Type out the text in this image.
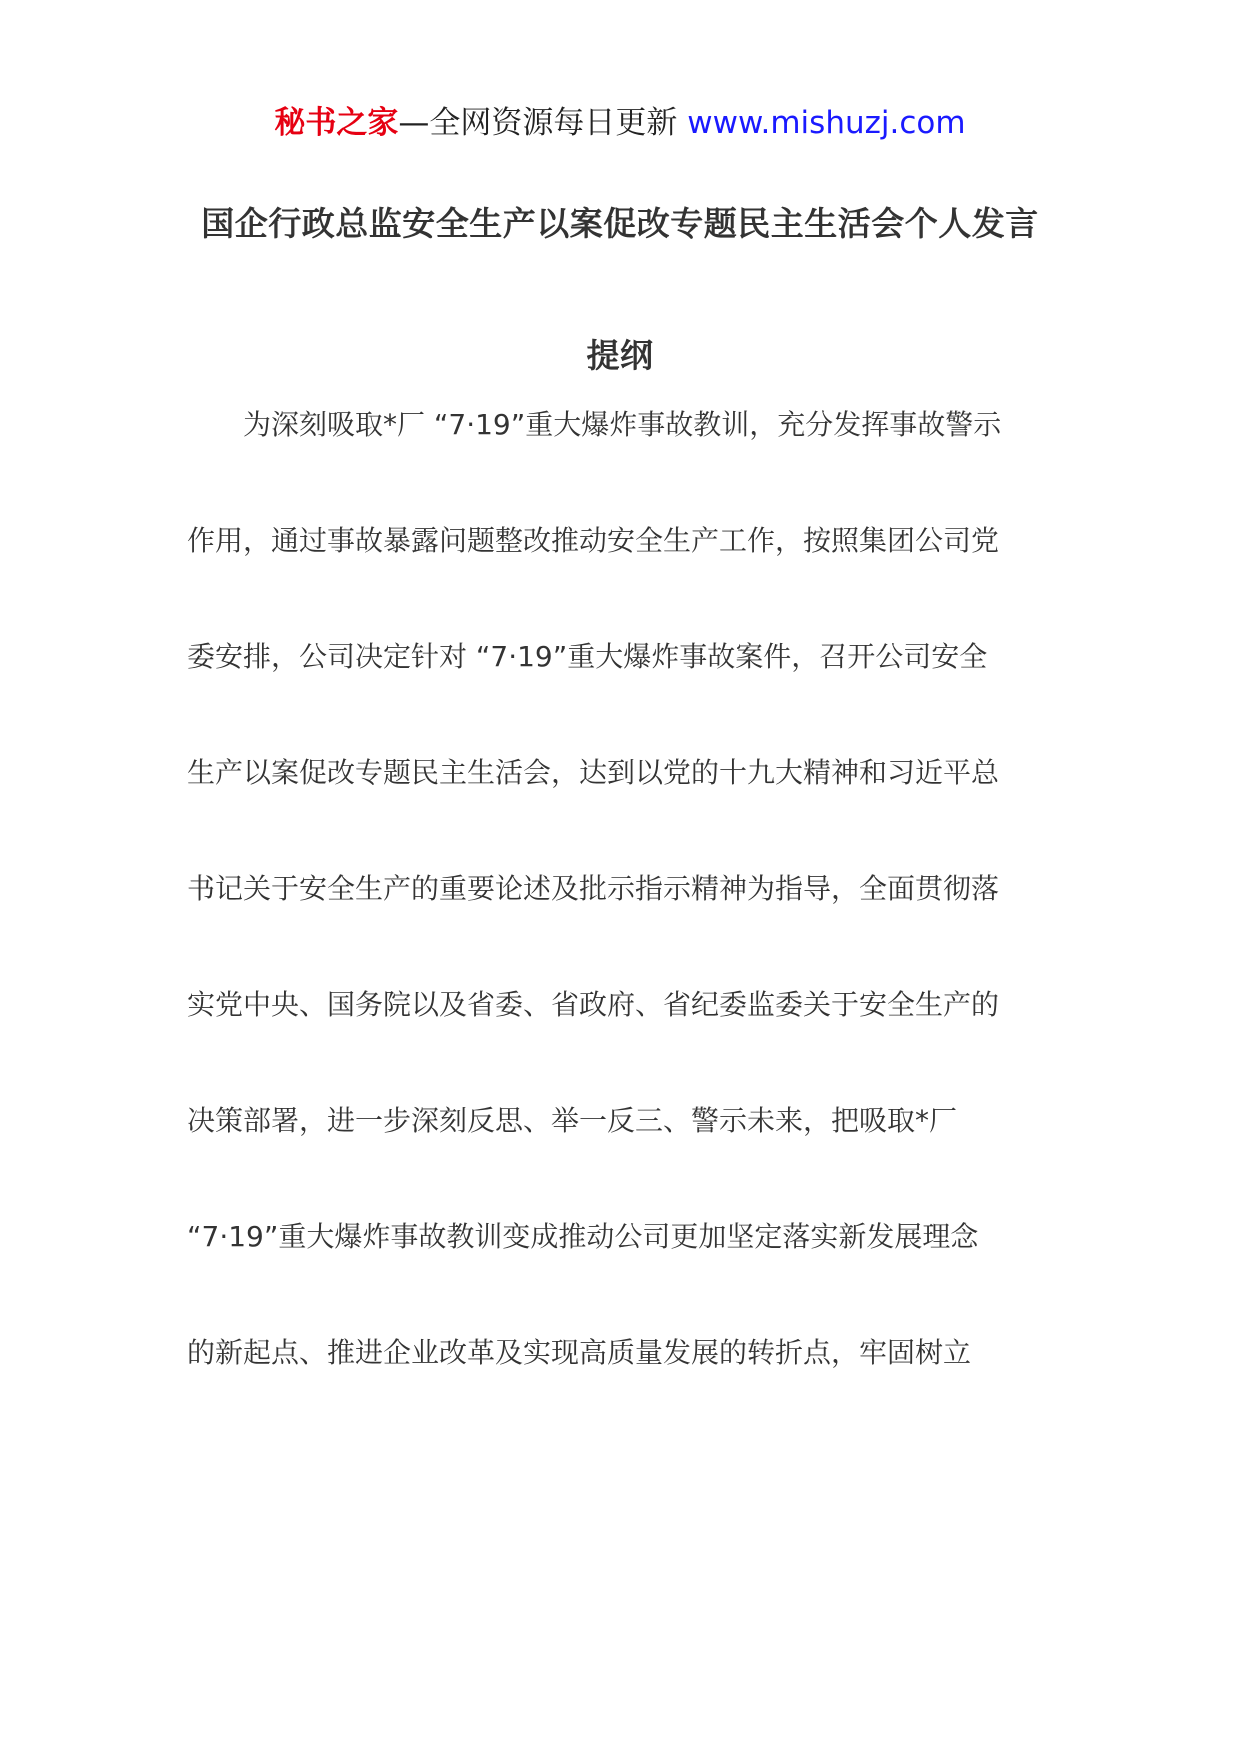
秘书之家—全网资源每日更新 www.mishuzj.com
国企行政总监安全生产以案促改专题民主生活会个人发言
提纲
　　为深刻吸取*厂 “7·19”重大爆炸事故教训，充分发挥事故警示
作用，通过事故暴露问题整改推动安全生产工作，按照集团公司党
委安排，公司决定针对 “7·19”重大爆炸事故案件，召开公司安全
生产以案促改专题民主生活会，达到以党的十九大精神和习近平总
书记关于安全生产的重要论述及批示指示精神为指导，全面贯彻落
实党中央、国务院以及省委、省政府、省纪委监委关于安全生产的
决策部署，进一步深刻反思、举一反三、警示未来，把吸取*厂
“7·19”重大爆炸事故教训变成推动公司更加坚定落实新发展理念
的新起点、推进企业改革及实现高质量发展的转折点，牢固树立
